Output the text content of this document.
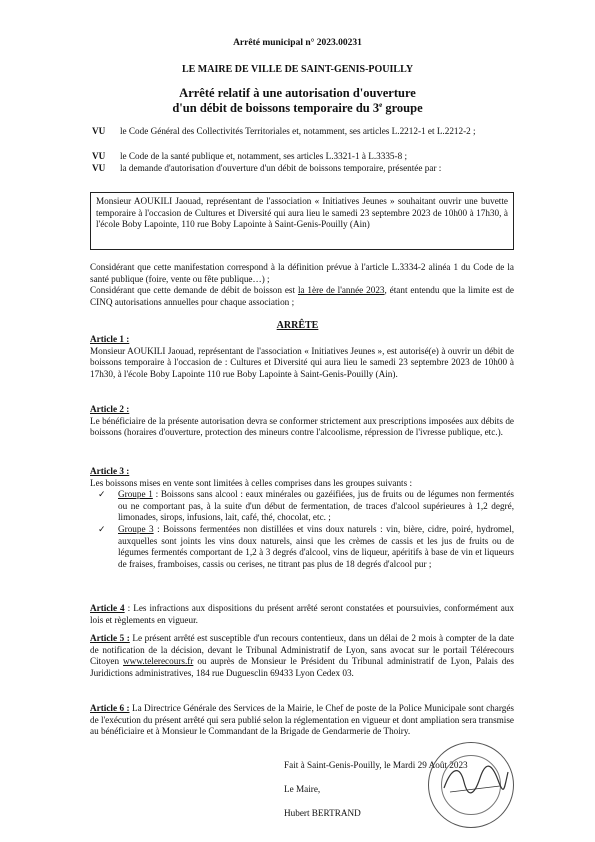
Arrêté municipal n° 2023.00231
LE MAIRE DE VILLE DE SAINT-GENIS-POUILLY
Arrêté relatif à une autorisation d'ouverture
d'un débit de boissons temporaire du 3e groupe
VU	le Code Général des Collectivités Territoriales et, notamment, ses articles L.2212-1 et L.2212-2 ;
VU	le Code de la santé publique et, notamment, ses articles L.3321-1 à L.3335-8 ;
VU	la demande d'autorisation d'ouverture d'un débit de boissons temporaire, présentée par :
Monsieur AOUKILI Jaouad, représentant de l'association « Initiatives Jeunes » souhaitant ouvrir une buvette temporaire à l'occasion de Cultures et Diversité qui aura lieu le samedi 23 septembre 2023 de 10h00 à 17h30, à l'école Boby Lapointe, 110 rue Boby Lapointe à Saint-Genis-Pouilly (Ain)
Considérant que cette manifestation correspond à la définition prévue à l'article L.3334-2 alinéa 1 du Code de la santé publique (foire, vente ou fête publique…) ;
Considérant que cette demande de débit de boisson est la 1ère de l'année 2023, étant entendu que la limite est de CINQ autorisations annuelles pour chaque association ;
ARRÊTE
Article 1 :
Monsieur AOUKILI Jaouad, représentant de l'association « Initiatives Jeunes », est autorisé(e) à ouvrir un débit de boissons temporaire à l'occasion de : Cultures et Diversité qui aura lieu le samedi 23 septembre 2023 de 10h00 à 17h30, à l'école Boby Lapointe 110 rue Boby Lapointe à Saint-Genis-Pouilly (Ain).
Article 2 :
Le bénéficiaire de la présente autorisation devra se conformer strictement aux prescriptions imposées aux débits de boissons (horaires d'ouverture, protection des mineurs contre l'alcoolisme, répression de l'ivresse publique, etc.).
Article 3 :
Les boissons mises en vente sont limitées à celles comprises dans les groupes suivants :
✓ Groupe 1 : Boissons sans alcool : eaux minérales ou gazéifiées, jus de fruits ou de légumes non fermentés ou ne comportant pas, à la suite d'un début de fermentation, de traces d'alcool supérieures à 1,2 degré, limonades, sirops, infusions, lait, café, thé, chocolat, etc. ;
✓ Groupe 3 : Boissons fermentées non distillées et vins doux naturels : vin, bière, cidre, poiré, hydromel, auxquelles sont joints les vins doux naturels, ainsi que les crèmes de cassis et les jus de fruits ou de légumes fermentés comportant de 1,2 à 3 degrés d'alcool, vins de liqueur, apéritifs à base de vin et liqueurs de fraises, framboises, cassis ou cerises, ne titrant pas plus de 18 degrés d'alcool pur ;
Article 4 : Les infractions aux dispositions du présent arrêté seront constatées et poursuivies, conformément aux lois et règlements en vigueur.
Article 5 : Le présent arrêté est susceptible d'un recours contentieux, dans un délai de 2 mois à compter de la date de notification de la décision, devant le Tribunal Administratif de Lyon, sans avocat sur le portail Télérecours Citoyen www.telerecours.fr ou auprès de Monsieur le Président du Tribunal administratif de Lyon, Palais des Juridictions administratives, 184 rue Duguesclin 69433 Lyon Cedex 03.
Article 6 : La Directrice Générale des Services de la Mairie, le Chef de poste de la Police Municipale sont chargés de l'exécution du présent arrêté qui sera publié selon la réglementation en vigueur et dont ampliation sera transmise au bénéficiaire et à Monsieur le Commandant de la Brigade de Gendarmerie de Thoiry.
Fait à Saint-Genis-Pouilly, le Mardi 29 Août 2023
Le Maire,
Hubert BERTRAND
